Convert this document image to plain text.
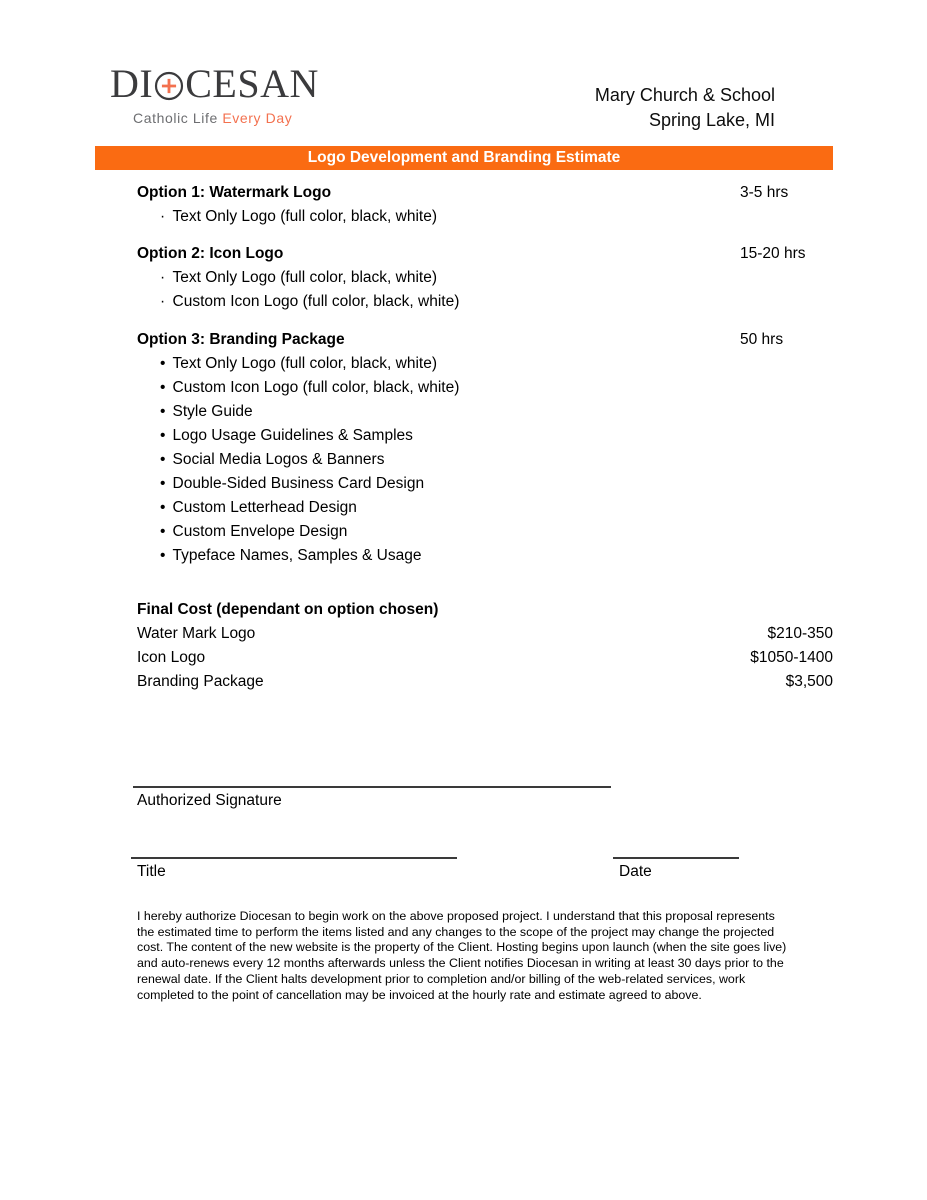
DI CESAN
Catholic Life Every Day
Mary Church & School
Spring Lake, MI
Logo Development and Branding Estimate
Option 1: Watermark Logo	3-5 hrs
· Text Only Logo (full color, black, white)
Option 2: Icon Logo	15-20 hrs
· Text Only Logo (full color, black, white)
· Custom Icon Logo (full color, black, white)
Option 3: Branding Package	50 hrs
• Text Only Logo (full color, black, white)
• Custom Icon Logo (full color, black, white)
• Style Guide
• Logo Usage Guidelines & Samples
• Social Media Logos & Banners
• Double-Sided Business Card Design
• Custom Letterhead Design
• Custom Envelope Design
• Typeface Names, Samples & Usage
Final Cost (dependant on option chosen)
Water Mark Logo	$210-350
Icon Logo	$1050-1400
Branding Package	$3,500
Authorized Signature
Title	Date

I hereby authorize Diocesan to begin work on the above proposed project. I understand that this proposal represents the estimated time to perform the items listed and any changes to the scope of the project may change the projected cost. The content of the new website is the property of the Client. Hosting begins upon launch (when the site goes live) and auto-renews every 12 months afterwards unless the Client notifies Diocesan in writing at least 30 days prior to the renewal date. If the Client halts development prior to completion and/or billing of the web-related services, work completed to the point of cancellation may be invoiced at the hourly rate and estimate agreed to above.
